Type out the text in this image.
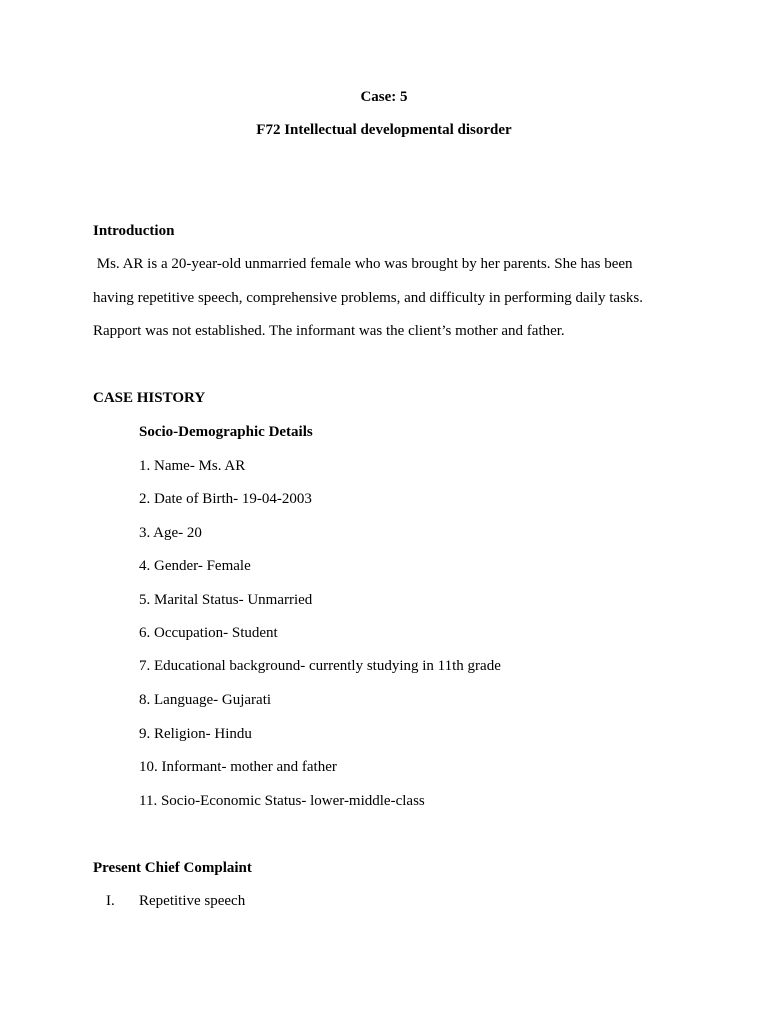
Case: 5

F72 Intellectual developmental disorder

Introduction

Ms. AR is a 20-year-old unmarried female who was brought by her parents. She has been

having repetitive speech, comprehensive problems, and difficulty in performing daily tasks.

Rapport was not established. The informant was the client’s mother and father.

CASE HISTORY

Socio-Demographic Details

1. Name- Ms. AR

2. Date of Birth- 19-04-2003

3. Age- 20

4. Gender- Female

5. Marital Status- Unmarried

6. Occupation- Student

7. Educational background- currently studying in 11th grade

8. Language- Gujarati

9. Religion- Hindu

10. Informant- mother and father

11. Socio-Economic Status- lower-middle-class

Present Chief Complaint

I. Repetitive speech
